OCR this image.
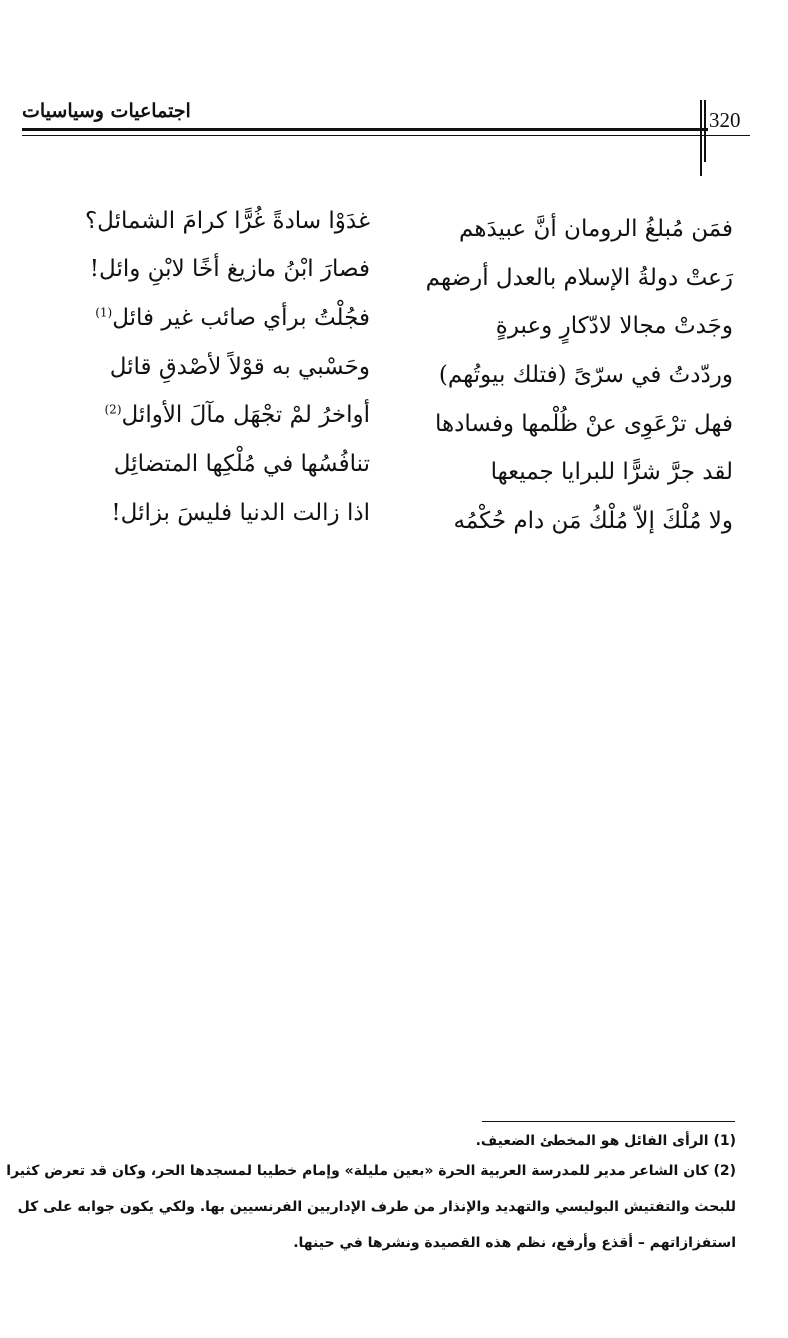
اجتماعيات وسياسيات	320
فمَن مُبلغُ الرومان أنَّ عبيدَهم
رَعتْ دولةُ الإسلام بالعدل أرضهم
وجَدتْ مجالا لادّكارٍ وعبرةٍ
وردّدتُ في سرّىً (فتلك بيوتُهم)
فهل ترْعَوِى عنْ ظُلْمها وفسادها
لقد جرَّ شرًّا للبرايا جميعها
ولا مُلْكَ إلاّ مُلْكُ مَن دام حُكْمُه
غدَوْا سادةً غُرًّا كرامَ الشمائل؟
فصارَ ابْنُ مازيغ أخًا لابْنِ وائل!
فجُلْتُ برأي صائب غير فائل$^{(1)}$
وحَسْبي به قوْلاً لأصْدقِ قائل
أواخرُ لمْ تجْهَل مآلَ الأوائل$^{(2)}$
تنافُسُها في مُلْكِها المتضائِل
اذا زالت الدنيا فليسَ بزائل!
(1) الرأى الفائل هو المخطئ الضعيف.
(2) كان الشاعر مدير للمدرسة العربية الحرة «بعين مليلة» وإمام خطيبا لمسجدها الحر، وكان قد تعرض كثيرا
للبحث والتفتيش البوليسي والتهديد والإنذار من طرف الإداريين الفرنسيين بها. ولكي يكون جوابه على كل
استفزازاتهم – أقذع وأرفع، نظم هذه القصيدة ونشرها في حينها.
